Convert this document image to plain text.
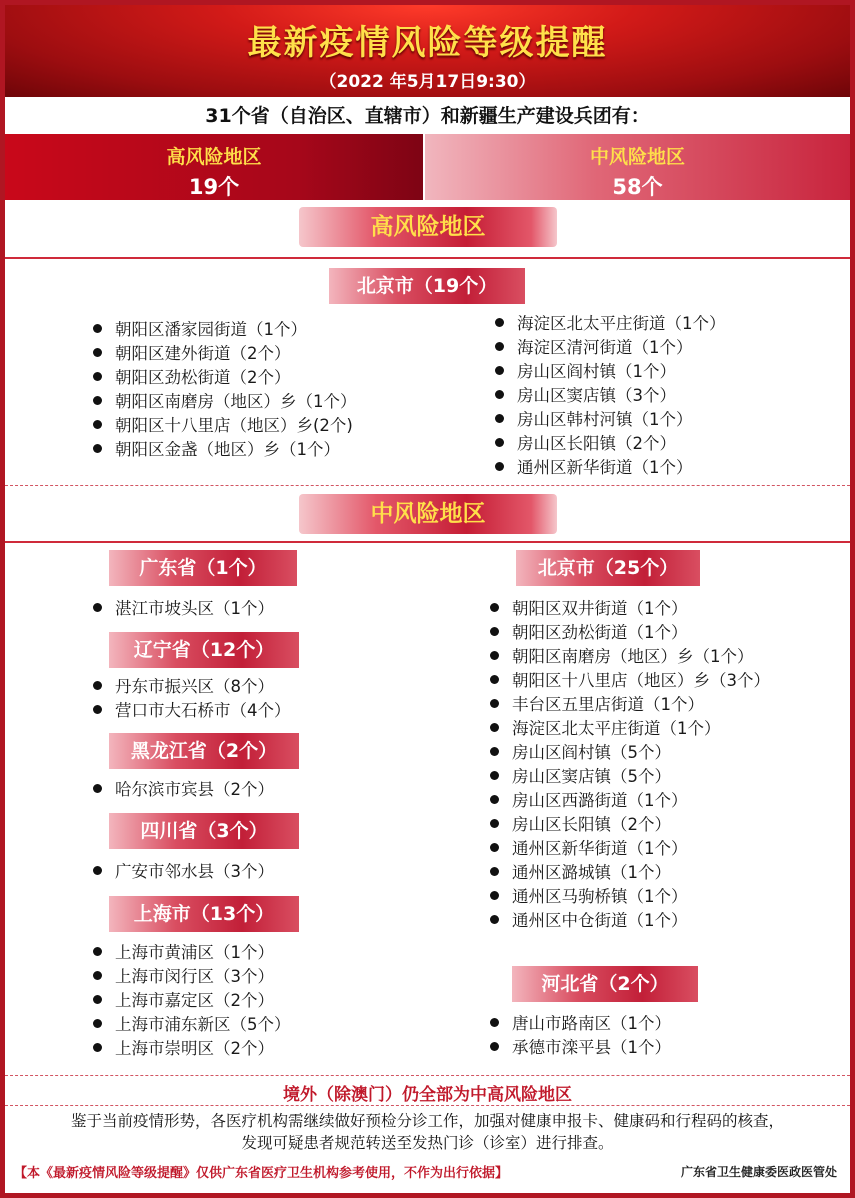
最新疫情风险等级提醒
（2022 年5月17日9:30）
31个省（自治区、直辖市）和新疆生产建设兵团有：
高风险地区
19个
中风险地区
58个
高风险地区
北京市（19个）
朝阳区潘家园街道（1个）
朝阳区建外街道（2个）
朝阳区劲松街道（2个）
朝阳区南磨房（地区）乡（1个）
朝阳区十八里店（地区）乡(2个)
朝阳区金盏（地区）乡（1个）
海淀区北太平庄街道（1个）
海淀区清河街道（1个）
房山区阎村镇（1个）
房山区窦店镇（3个）
房山区韩村河镇（1个）
房山区长阳镇（2个）
通州区新华街道（1个）
中风险地区
广东省（1个）
湛江市坡头区（1个）
辽宁省（12个）
丹东市振兴区（8个）
营口市大石桥市（4个）
黑龙江省（2个）
哈尔滨市宾县（2个）
四川省（3个）
广安市邻水县（3个）
上海市（13个）
上海市黄浦区（1个）
上海市闵行区（3个）
上海市嘉定区（2个）
上海市浦东新区（5个）
上海市崇明区（2个）
北京市（25个）
朝阳区双井街道（1个）
朝阳区劲松街道（1个）
朝阳区南磨房（地区）乡（1个）
朝阳区十八里店（地区）乡（3个）
丰台区五里店街道（1个）
海淀区北太平庄街道（1个）
房山区阎村镇（5个）
房山区窦店镇（5个）
房山区西潞街道（1个）
房山区长阳镇（2个）
通州区新华街道（1个）
通州区潞城镇（1个）
通州区马驹桥镇（1个）
通州区中仓街道（1个）
河北省（2个）
唐山市路南区（1个）
承德市滦平县（1个）
境外（除澳门）仍全部为中高风险地区
鉴于当前疫情形势，各医疗机构需继续做好预检分诊工作，加强对健康申报卡、健康码和行程码的核查，
发现可疑患者规范转送至发热门诊（诊室）进行排查。
【本《最新疫情风险等级提醒》仅供广东省医疗卫生机构参考使用，不作为出行依据】	广东省卫生健康委医政医管处
